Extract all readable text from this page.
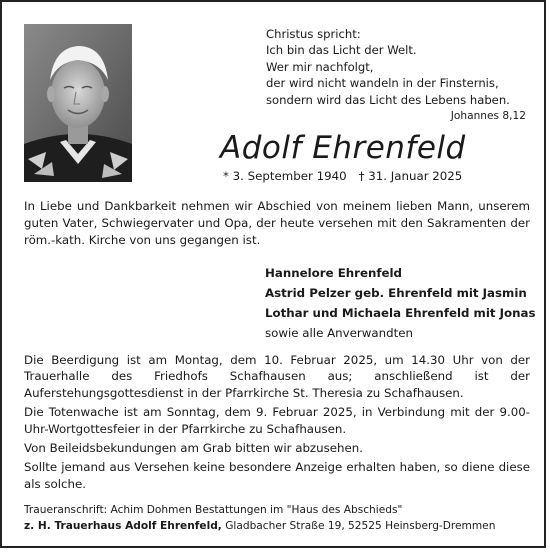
Christus spricht:
Ich bin das Licht der Welt.
Wer mir nachfolgt,
der wird nicht wandeln in der Finsternis,
sondern wird das Licht des Lebens haben.
Johannes 8,12
Adolf Ehrenfeld
* 3. September 1940 † 31. Januar 2025
In Liebe und Dankbarkeit nehmen wir Abschied von meinem lieben Mann, unserem guten Vater, Schwiegervater und Opa, der heute versehen mit den Sakramenten der röm.-kath. Kirche von uns gegangen ist.
Hannelore Ehrenfeld
Astrid Pelzer geb. Ehrenfeld mit Jasmin
Lothar und Michaela Ehrenfeld mit Jonas
sowie alle Anverwandten

Die Beerdigung ist am Montag, dem 10. Februar 2025, um 14.30 Uhr von der Trauerhalle des Friedhofs Schafhausen aus; anschließend ist der Auferstehungsgottesdienst in der Pfarrkirche St. Theresia zu Schafhausen.

Die Totenwache ist am Sonntag, dem 9. Februar 2025, in Verbindung mit der 9.00-Uhr-Wortgottesfeier in der Pfarrkirche zu Schafhausen.

Von Beileidsbekundungen am Grab bitten wir abzusehen.

Sollte jemand aus Versehen keine besondere Anzeige erhalten haben, so diene diese als solche.

Traueranschrift: Achim Dohmen Bestattungen im "Haus des Abschieds"
z. H. Trauerhaus Adolf Ehrenfeld, Gladbacher Straße 19, 52525 Heinsberg-Dremmen
